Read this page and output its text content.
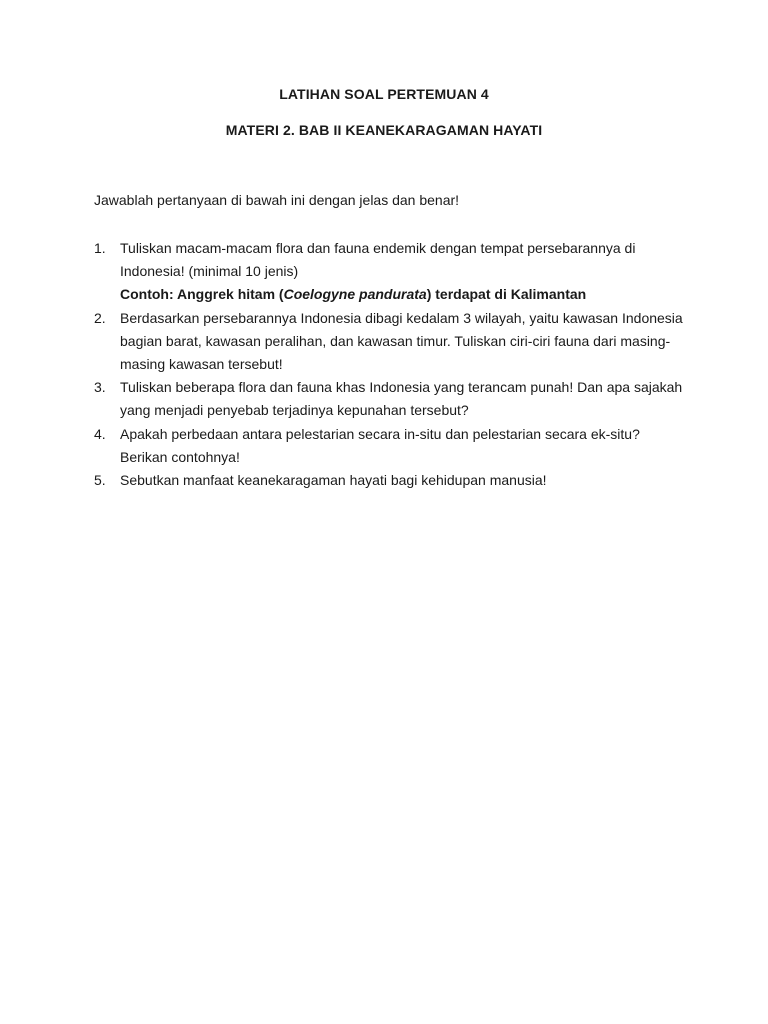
LATIHAN SOAL PERTEMUAN 4
MATERI 2. BAB II KEANEKARAGAMAN HAYATI
Jawablah pertanyaan di bawah ini dengan jelas dan benar!
1. Tuliskan macam-macam flora dan fauna endemik dengan tempat persebarannya di Indonesia! (minimal 10 jenis)
Contoh: Anggrek hitam (Coelogyne pandurata) terdapat di Kalimantan
2. Berdasarkan persebarannya Indonesia dibagi kedalam 3 wilayah, yaitu kawasan Indonesia bagian barat, kawasan peralihan, dan kawasan timur. Tuliskan ciri-ciri fauna dari masing-masing kawasan tersebut!
3. Tuliskan beberapa flora dan fauna khas Indonesia yang terancam punah! Dan apa sajakah yang menjadi penyebab terjadinya kepunahan tersebut?
4. Apakah perbedaan antara pelestarian secara in-situ dan pelestarian secara ek-situ? Berikan contohnya!
5. Sebutkan manfaat keanekaragaman hayati bagi kehidupan manusia!
